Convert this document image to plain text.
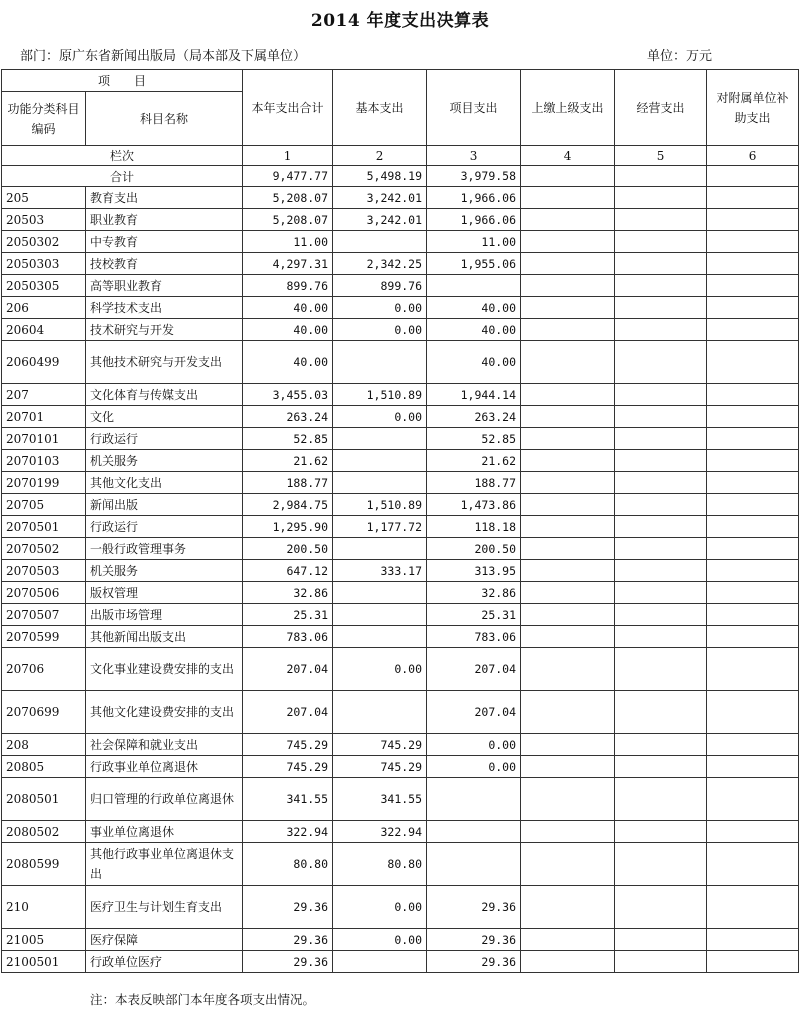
2014 年度支出决算表
部门：原广东省新闻出版局（局本部及下属单位）	单位：万元
项　　目		本年支出合计	基本支出	项目支出	上缴上级支出	经营支出	对附属单位补助支出
功能分类科目编码	科目名称						
栏次		1	2	3	4	5	6
合计		9,477.77	5,498.19	3,979.58			
205	教育支出	5,208.07	3,242.01	1,966.06			
20503	职业教育	5,208.07	3,242.01	1,966.06			
2050302	中专教育	11.00		11.00			
2050303	技校教育	4,297.31	2,342.25	1,955.06			
2050305	高等职业教育	899.76	899.76				
206	科学技术支出	40.00	0.00	40.00			
20604	技术研究与开发	40.00	0.00	40.00			
2060499	其他技术研究与开发支出	40.00		40.00			
207	文化体育与传媒支出	3,455.03	1,510.89	1,944.14			
20701	文化	263.24	0.00	263.24			
2070101	行政运行	52.85		52.85			
2070103	机关服务	21.62		21.62			
2070199	其他文化支出	188.77		188.77			
20705	新闻出版	2,984.75	1,510.89	1,473.86			
2070501	行政运行	1,295.90	1,177.72	118.18			
2070502	一般行政管理事务	200.50		200.50			
2070503	机关服务	647.12	333.17	313.95			
2070506	版权管理	32.86		32.86			
2070507	出版市场管理	25.31		25.31			
2070599	其他新闻出版支出	783.06		783.06			
20706	文化事业建设费安排的支出	207.04	0.00	207.04			
2070699	其他文化建设费安排的支出	207.04		207.04			
208	社会保障和就业支出	745.29	745.29	0.00			
20805	行政事业单位离退休	745.29	745.29	0.00			
2080501	归口管理的行政单位离退休	341.55	341.55				
2080502	事业单位离退休	322.94	322.94				
2080599	其他行政事业单位离退休支出	80.80	80.80				
210	医疗卫生与计划生育支出	29.36	0.00	29.36			
21005	医疗保障	29.36	0.00	29.36			
2100501	行政单位医疗	29.36		29.36			
注：本表反映部门本年度各项支出情况。
